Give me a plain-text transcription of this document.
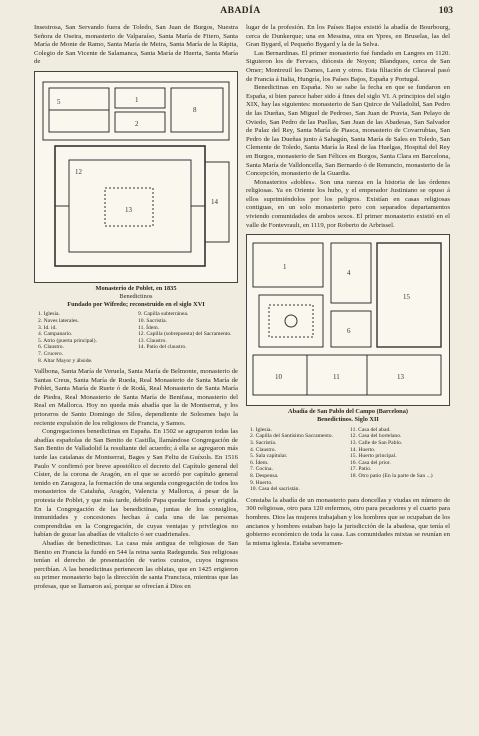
ABADÍA	103

Insestrosa, San Servando fuera de Toledo, San Juan de Burgos, Nuestra Señora de Oseira, monasterio de Valparaíso, Santa María de Fitero, Santa María de Monte de Ramo, Santa María de Meira, Santa María de la Rápita, Colegio de San Vicente de Salamanca, Santa María de Huerta, Santa María de

5	1
2
8
13
14
12
Monasterio de Poblet, en 1835
Benedictinos
Fundado por Wifredo; reconstruido en el siglo XVI
1. Iglesia.
2. Naves laterales.
3. Id. id.
4. Campanario.
5. Atrio (puerta principal).
6. Claustro.
7. Crucero.
8. Altar Mayor y ábside.
9. Capilla subterránea.
10. Sacristía.
11. Ídem.
12. Capilla (sobrepuesta) del Sacramento.
13. Claustro.
14. Patio del claustro.

Vallbona, Santa María de Veruela, Santa María de Belmonte, monasterio de Santas Creus, Santa María de Rueda, Real Monasterio de Santa María de Poblet, Santa María de Ruete ó de Rodá, Real Monasterio de Santa María de Piedra, Real Monasterio de Santa María de Benifasa, monasterio del Real en Mallorca. Hoy no queda más abadía que la de Montserrat, y los priorатos de Santo Domingo de Silos, dependiente de Solesmes bajo la reciente expulsión de los religiosos de Francia, y Samos.

Congregaciones benedictinas en España. En 1502 se agruparon todas las abadías españolas de San Benito de Castilla, llamándose Congregación de San Benito de Valladolid la resultante del acuerdo; á ella se agregaron más tarde las catalanas de Montserrat, Bages y San Feliu de Guíxols. En 1516 Paulo V confirmó por breve apostólico el decreto del Capítulo general del Císter, de la corona de Aragón, en el que se acordó por capítulo general tenido en Zaragoza, la formación de una segunda congregación de todos los monasterios de Cataluña, Aragón, Valencia y Mallorca, á pesar de la protesta de Poblet, y que más tarde, debido Papa quedar formada y erigida. En la Congregación de las benedictinas, juntas de los consiglios, inmunidades y concesiones hechas á cada una de las personas comprendidas en la Congregación, de cuyas ventajas y privilegios no habían de gozar las abadías de vitalicio ó ser cuadrienales.

Abadías de benedictinas. La casa más antigua de religiosas de San Benito en Francia la fundó en 544 la reina santa Radegunda. Sus religiosas tenían el derecho de presentación de varios curatos, cuyos ingresos percibían. A las benedictinas pertenecen las oblatas, que en 1425 erigieron su primer monasterio bajo la dirección de santa Francisca, mientras que las profesas, que se llamaron así, porque se ofrecían á Dios en

lugar de la profesión. En los Países Bajos existió la abadía de Bourbourg, cerca de Dunkerque; una en Messina, otra en Ypres, en Bruselas, las del Gran Bygard, el Pequeño Bygard y la de la Selva.

Las Bernardinas. El primer monasterio fué fundado en Langres en 1120. Siguieron los de Fervacs, diócesis de Noyon; Blandques, cerca de San Omer; Montreuil les Dames, Laon y otros. Esta filiación de Claraval pasó de Francia á Italia, Hungría, los Países Bajos, España y Portugal.

Benedictinas en España. No se sabe la fecha en que se fundaron en España, si bien parece haber sido á fines del siglo VI. A principios del siglo XIX, hay las siguientes: monasterio de San Quirce de Valladolid, San Pedro de las Dueñas, San Miguel de Pedroso, San Juan de Pravia, San Pelayo de Oviedo, San Pedro de las Puellas, San Juan de las Abadesas, San Salvador de Palaz del Rey, Santa María de Piasca, monasterio de Covarrubias, San Pedro de las Dueñas junto á Sahagún, Santa María de Sales en Toledo, San Clemente de Toledo, Santa María la Real de las Huelgas, Hospital del Rey en Burgos, monasterio de San Félices en Burgos, Santa Clara en Barcelona, Santa María de Valldoncella, San Bernardo ó de Renuncio, monasterio de la Concepción, monasterio de la Guardia.

Monasterios «dobles». Son una rareza en la historia de las órdenes religiosas. Ya en Oriente los hubo, y el emperador Justiniano se opuso á ellos suprimiéndolos por los peligros. Existían en casas religiosas contiguas, en un solo monasterio pero con separados departamentos viviendo comunidades de ambos sexos. El primer monasterio existió en el valle de Fontevrault, en 1119, por Roberto de Arbrissel.

1
4
6
15
10	11	13
Abadía de San Pablo del Campo (Barcelona)
Benedictinos. Siglo XII
1. Iglesia.
2. Capilla del Santísimo Sacramento.
3. Sacristía.
4. Claustro.
5. Sala capitular.
6. Ídem.
7. Cocina.
8. Despensa.
9. Huerto.
10. Casa del sacristán.
11. Casa del abad.
12. Casa del hortelano.
13. Calle de San Pablo.
14. Huerto.
15. Huerto principal.
16. Casa del prior.
17. Patio.
18. Otro patio (En la parte de San ...)

Constaba la abadía de un monasterio para doncellas y viudas en número de 300 religiosas, otro para 120 enfermos, otro para pecadores y el cuarto para hombres. Dios las mujeres trabajaban y los hombres que se ocupaban de los ancianos y hombres estaban bajo la jurisdicción de la abadesa, que tenía el gobierno económico de toda la casa. Las comunidades mixtas se reunían en la misma iglesia. Estaba severamen-
